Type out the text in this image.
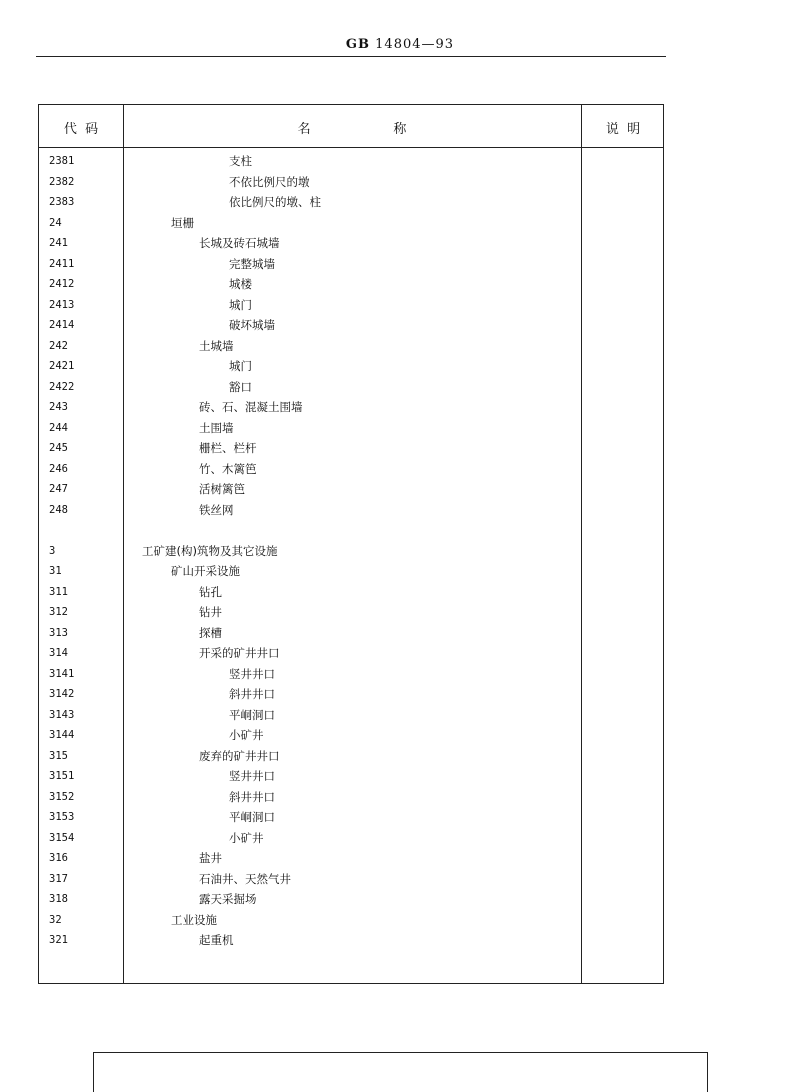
GB 14804—93
代  码	名                    称	说  明
2381	支柱
2382	不依比例尺的墩
2383	依比例尺的墩、柱
24	垣栅
241	长城及砖石城墙
2411	完整城墙
2412	城楼
2413	城门
2414	破坏城墙
242	土城墙
2421	城门
2422	豁口
243	砖、石、混凝土围墙
244	土围墙
245	栅栏、栏杆
246	竹、木篱笆
247	活树篱笆
248	铁丝网
3	工矿建(构)筑物及其它设施
31	矿山开采设施
311	钻孔
312	钻井
313	探槽
314	开采的矿井井口
3141	竖井井口
3142	斜井井口
3143	平峒洞口
3144	小矿井
315	废弃的矿井井口
3151	竖井井口
3152	斜井井口
3153	平峒洞口
3154	小矿井
316	盐井
317	石油井、天然气井
318	露天采掘场
32	工业设施
321	起重机
